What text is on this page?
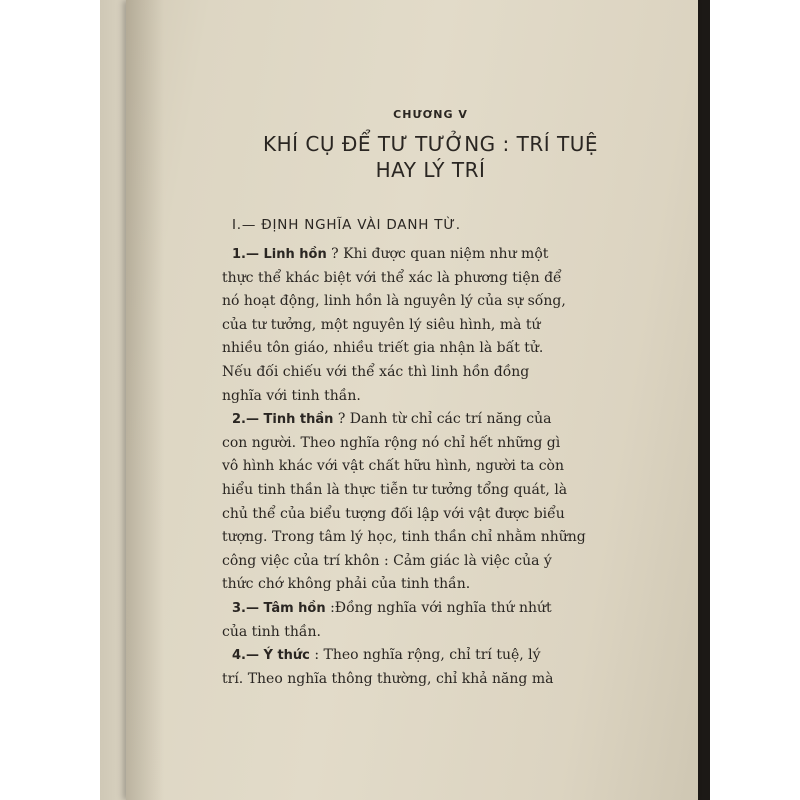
CHƯƠNG V
KHÍ CỤ ĐỂ TƯ TƯỞNG : TRÍ TUỆ
HAY LÝ TRÍ
I.— ĐỊNH NGHĨA VÀI DANH TỪ.
1.— Linh hồn ? Khi được quan niệm như một
thực thể khác biệt với thể xác là phương tiện để
nó hoạt động, linh hồn là nguyên lý của sự sống,
của tư tưởng, một nguyên lý siêu hình, mà tứ
nhiều tôn giáo, nhiều triết gia nhận là bất tử.
Nếu đối chiếu với thể xác thì linh hồn đồng
nghĩa với tinh thần.
2.— Tinh thần ? Danh từ chỉ các trí năng của
con người. Theo nghĩa rộng nó chỉ hết những gì
vô hình khác với vật chất hữu hình, người ta còn
hiểu tinh thần là thực tiễn tư tưởng tổng quát, là
chủ thể của biểu tượng đối lập với vật được biểu
tượng. Trong tâm lý học, tinh thần chỉ nhằm những
công việc của trí khôn : Cảm giác là việc của ý
thức chớ không phải của tinh thần.
3.— Tâm hồn :Đồng nghĩa với nghĩa thứ nhứt
của tinh thần.
4.— Ý thức : Theo nghĩa rộng, chỉ trí tuệ, lý
trí. Theo nghĩa thông thường, chỉ khả năng mà
